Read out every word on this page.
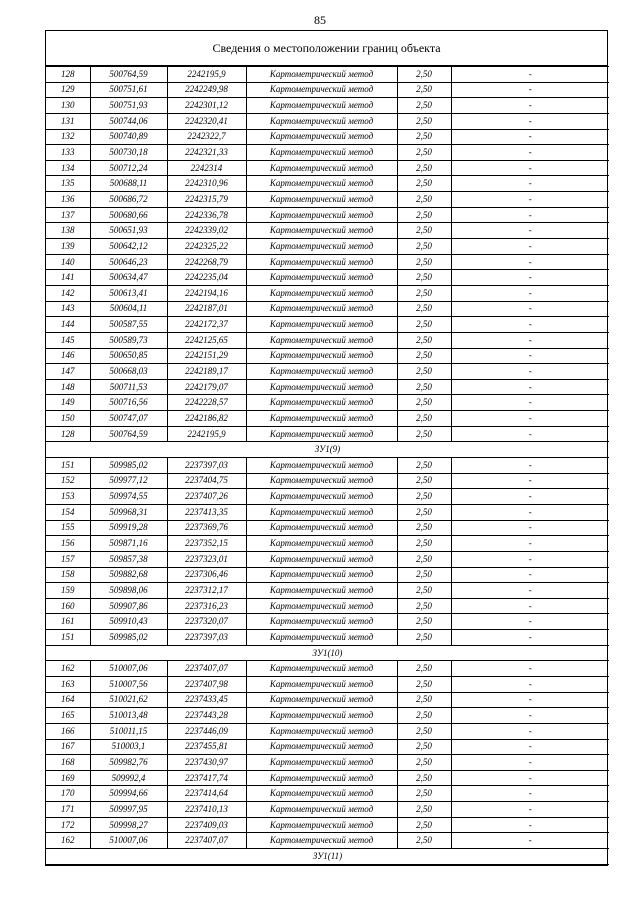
85
Сведения о местоположении границ объекта
128	500764,59	2242195,9	Картометрический метод	2,50	-
129	500751,61	2242249,98	Картометрический метод	2,50	-
130	500751,93	2242301,12	Картометрический метод	2,50	-
131	500744,06	2242320,41	Картометрический метод	2,50	-
132	500740,89	2242322,7	Картометрический метод	2,50	-
133	500730,18	2242321,33	Картометрический метод	2,50	-
134	500712,24	2242314	Картометрический метод	2,50	-
135	500688,11	2242310,96	Картометрический метод	2,50	-
136	500686,72	2242315,79	Картометрический метод	2,50	-
137	500680,66	2242336,78	Картометрический метод	2,50	-
138	500651,93	2242339,02	Картометрический метод	2,50	-
139	500642,12	2242325,22	Картометрический метод	2,50	-
140	500646,23	2242268,79	Картометрический метод	2,50	-
141	500634,47	2242235,04	Картометрический метод	2,50	-
142	500613,41	2242194,16	Картометрический метод	2,50	-
143	500604,11	2242187,01	Картометрический метод	2,50	-
144	500587,55	2242172,37	Картометрический метод	2,50	-
145	500589,73	2242125,65	Картометрический метод	2,50	-
146	500650,85	2242151,29	Картометрический метод	2,50	-
147	500668,03	2242189,17	Картометрический метод	2,50	-
148	500711,53	2242179,07	Картометрический метод	2,50	-
149	500716,56	2242228,57	Картометрический метод	2,50	-
150	500747,07	2242186,82	Картометрический метод	2,50	-
128	500764,59	2242195,9	Картометрический метод	2,50	-
ЗУ1(9)					
151	509985,02	2237397,03	Картометрический метод	2,50	-
152	509977,12	2237404,75	Картометрический метод	2,50	-
153	509974,55	2237407,26	Картометрический метод	2,50	-
154	509968,31	2237413,35	Картометрический метод	2,50	-
155	509919,28	2237369,76	Картометрический метод	2,50	-
156	509871,16	2237352,15	Картометрический метод	2,50	-
157	509857,38	2237323,01	Картометрический метод	2,50	-
158	509882,68	2237306,46	Картометрический метод	2,50	-
159	509898,06	2237312,17	Картометрический метод	2,50	-
160	509907,86	2237316,23	Картометрический метод	2,50	-
161	509910,43	2237320,07	Картометрический метод	2,50	-
151	509985,02	2237397,03	Картометрический метод	2,50	-
ЗУ1(10)					
162	510007,06	2237407,07	Картометрический метод	2,50	-
163	510007,56	2237407,98	Картометрический метод	2,50	-
164	510021,62	2237433,45	Картометрический метод	2,50	-
165	510013,48	2237443,28	Картометрический метод	2,50	-
166	510011,15	2237446,09	Картометрический метод	2,50	-
167	510003,1	2237455,81	Картометрический метод	2,50	-
168	509982,76	2237430,97	Картометрический метод	2,50	-
169	509992,4	2237417,74	Картометрический метод	2,50	-
170	509994,66	2237414,64	Картометрический метод	2,50	-
171	509997,95	2237410,13	Картометрический метод	2,50	-
172	509998,27	2237409,03	Картометрический метод	2,50	-
162	510007,06	2237407,07	Картометрический метод	2,50	-
ЗУ1(11)					
